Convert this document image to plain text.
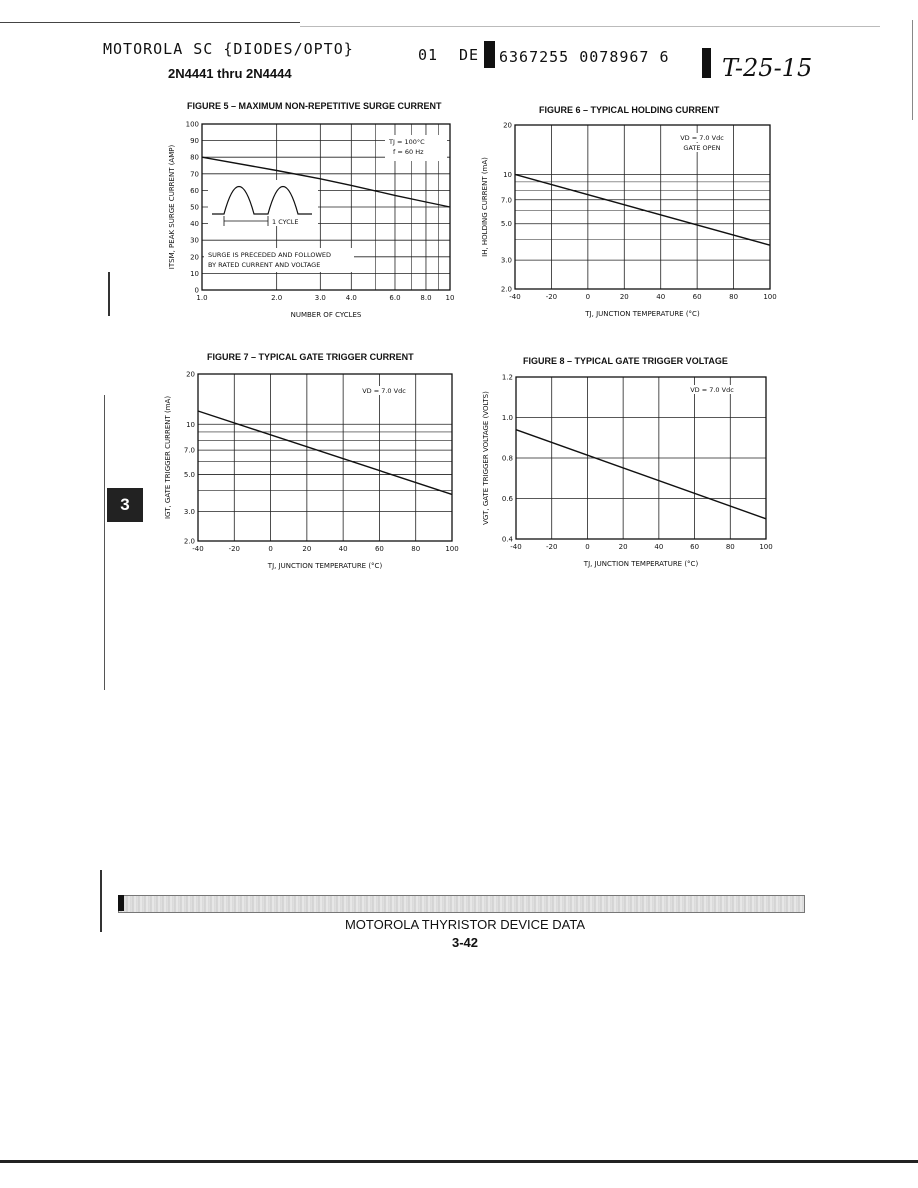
MOTOROLA SC {DIODES/OPTO}	01 DE 6367255 0078967 6 T-25-15
2N4441 thru 2N4444
FIGURE 5 – MAXIMUM NON-REPETITIVE SURGE CURRENT	FIGURE 6 – TYPICAL HOLDING CURRENT
FIGURE 7 – TYPICAL GATE TRIGGER CURRENT	FIGURE 8 – TYPICAL GATE TRIGGER VOLTAGE
1.0	2.0	3.0	4.0	6.0	8.0 10
0
10
20
30
40
50
60
70
80
90
100
NUMBER OF CYCLES
ITSM, PEAK SURGE CURRENT (AMP)
TJ = 100°C
f = 60 Hz
1 CYCLE
SURGE IS PRECEDED AND FOLLOWED
BY RATED CURRENT AND VOLTAGE
-40	-20	0	20	40	60	80	100
2.0
3.0
5.0
7.0
10
20
TJ, JUNCTION TEMPERATURE (°C)
IH, HOLDING CURRENT (mA)
VD = 7.0 Vdc
GATE OPEN
-40	-20	0	20	40	60	80	100
2.0
3.0
5.0
7.0
10
20
TJ, JUNCTION TEMPERATURE (°C)
IGT, GATE TRIGGER CURRENT (mA)
VD = 7.0 Vdc
-40	-20	0	20	40	60	80	100
0.4
0.6
0.8
1.0
1.2
TJ, JUNCTION TEMPERATURE (°C)
VGT, GATE TRIGGER VOLTAGE (VOLTS)
VD = 7.0 Vdc
3
MOTOROLA THYRISTOR DEVICE DATA
3-42
